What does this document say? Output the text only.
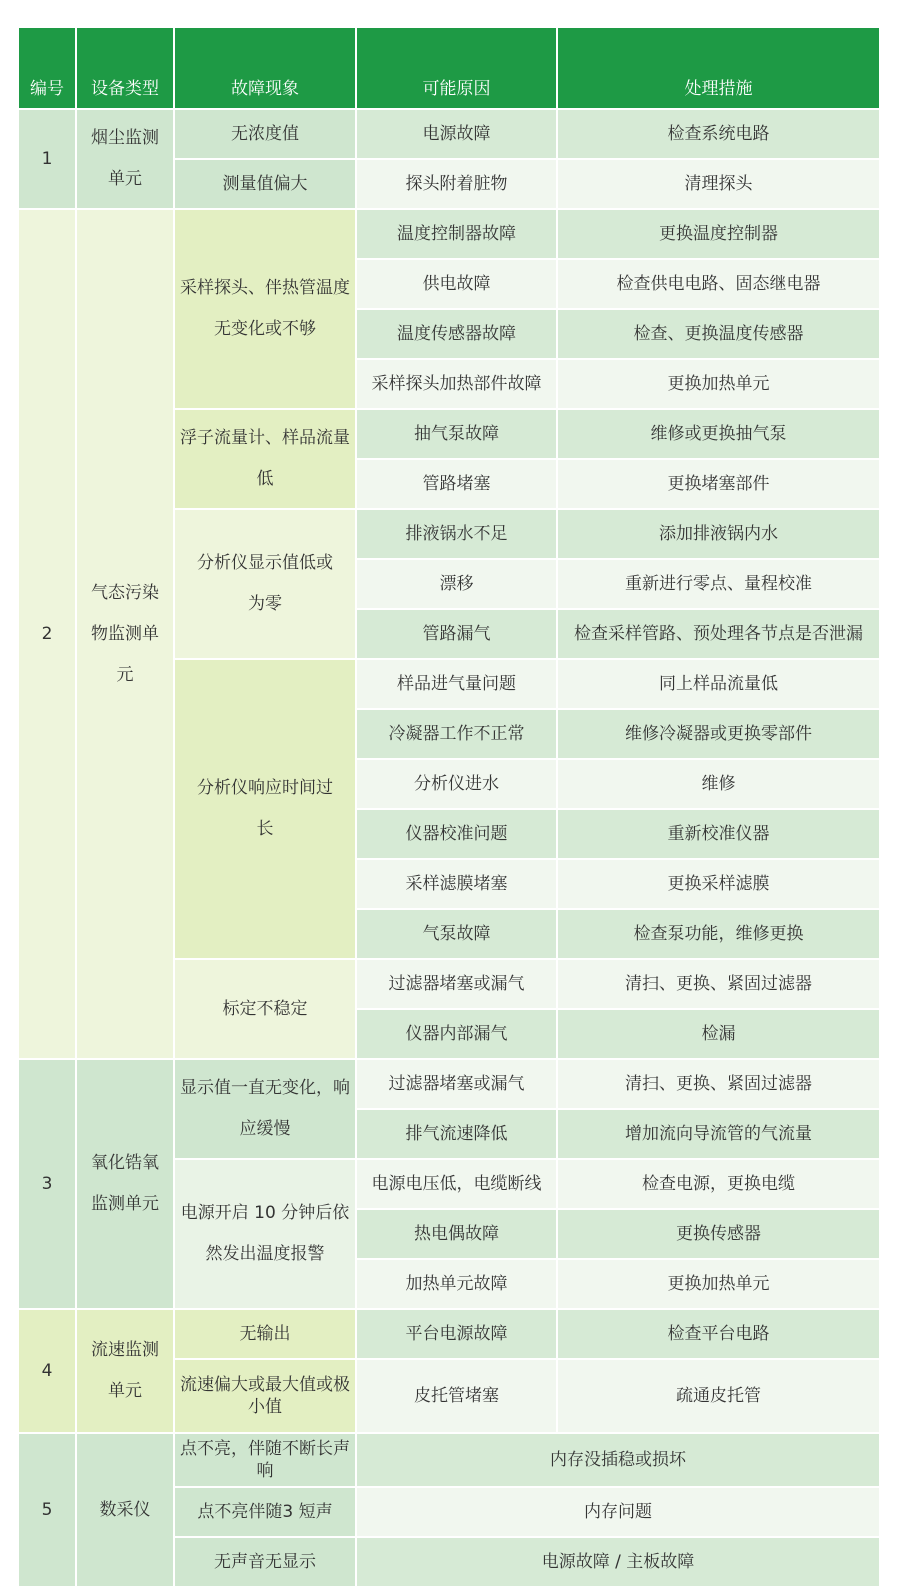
编号	设备类型	故障现象	可能原因	处理措施
1	烟尘监测单元	无浓度值	电源故障	检查系统电路
		测量值偏大	探头附着脏物	清理探头
2	气态污染物监测单元	采样探头、伴热管温度无变化或不够	温度控制器故障	更换温度控制器
			供电故障	检查供电电路、固态继电器
			温度传感器故障	检查、更换温度传感器
			采样探头加热部件故障	更换加热单元
		浮子流量计、样品流量低	抽气泵故障	维修或更换抽气泵
			管路堵塞	更换堵塞部件
		分析仪显示值低或为零	排液锅水不足	添加排液锅内水
			漂移	重新进行零点、量程校准
			管路漏气	检查采样管路、预处理各节点是否泄漏
		分析仪响应时间过长	样品进气量问题	同上样品流量低
			冷凝器工作不正常	维修冷凝器或更换零部件
			分析仪进水	维修
			仪器校准问题	重新校准仪器
			采样滤膜堵塞	更换采样滤膜
			气泵故障	检查泵功能，维修更换
		标定不稳定	过滤器堵塞或漏气	清扫、更换、紧固过滤器
			仪器内部漏气	检漏
3	氧化锆氧监测单元	显示值一直无变化，响应缓慢	过滤器堵塞或漏气	清扫、更换、紧固过滤器
			排气流速降低	增加流向导流管的气流量
		电源开启 10 分钟后依然发出温度报警	电源电压低，电缆断线	检查电源，更换电缆
			热电偶故障	更换传感器
			加热单元故障	更换加热单元
4	流速监测单元	无输出	平台电源故障	检查平台电路
		流速偏大或最大值或极小值	皮托管堵塞	疏通皮托管
5	数采仪	点不亮，伴随不断长声响	内存没插稳或损坏	
		点不亮伴随3 短声	内存问题	
		无声音无显示	电源故障 / 主板故障	
